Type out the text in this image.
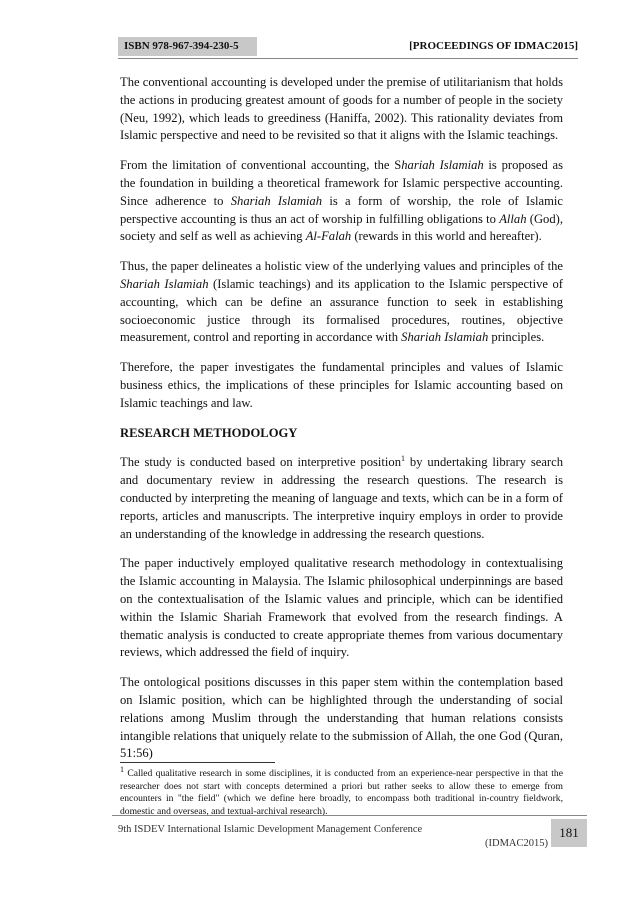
ISBN 978-967-394-230-5	[PROCEEDINGS OF IDMAC2015]

The conventional accounting is developed under the premise of utilitarianism that holds the actions in producing greatest amount of goods for a number of people in the society (Neu, 1992), which leads to greediness (Haniffa, 2002). This rationality deviates from Islamic perspective and need to be revisited so that it aligns with the Islamic teachings.

From the limitation of conventional accounting, the Shariah Islamiah is proposed as the foundation in building a theoretical framework for Islamic perspective accounting. Since adherence to Shariah Islamiah is a form of worship, the role of Islamic perspective accounting is thus an act of worship in fulfilling obligations to Allah (God), society and self as well as achieving Al-Falah (rewards in this world and hereafter).

Thus, the paper delineates a holistic view of the underlying values and principles of the Shariah Islamiah (Islamic teachings) and its application to the Islamic perspective of accounting, which can be define an assurance function to seek in establishing socioeconomic justice through its formalised procedures, routines, objective measurement, control and reporting in accordance with Shariah Islamiah principles.

Therefore, the paper investigates the fundamental principles and values of Islamic business ethics, the implications of these principles for Islamic accounting based on Islamic teachings and law.

RESEARCH METHODOLOGY

The study is conducted based on interpretive position$^1$ by undertaking library search and documentary review in addressing the research questions. The research is conducted by interpreting the meaning of language and texts, which can be in a form of reports, articles and manuscripts. The interpretive inquiry employs in order to provide an understanding of the knowledge in addressing the research questions.

The paper inductively employed qualitative research methodology in contextualising the Islamic accounting in Malaysia. The Islamic philosophical underpinnings are based on the contextualisation of the Islamic values and principle, which can be identified within the Islamic Shariah Framework that evolved from the research findings. A thematic analysis is conducted to create appropriate themes from various documentary reviews, which addressed the field of inquiry.

The ontological positions discusses in this paper stem within the contemplation based on Islamic position, which can be highlighted through the understanding of social relations among Muslim through the understanding that human relations consists intangible relations that uniquely relate to the submission of Allah, the one God (Quran, 51:56)

$^1$ Called qualitative research in some disciplines, it is conducted from an experience-near perspective in that the researcher does not start with concepts determined a priori but rather seeks to allow these to emerge from encounters in "the field" (which we define here broadly, to encompass both traditional in-country fieldwork, domestic and overseas, and textual-archival research).
9th ISDEV International Islamic Development Management Conference
(IDMAC2015)
181
